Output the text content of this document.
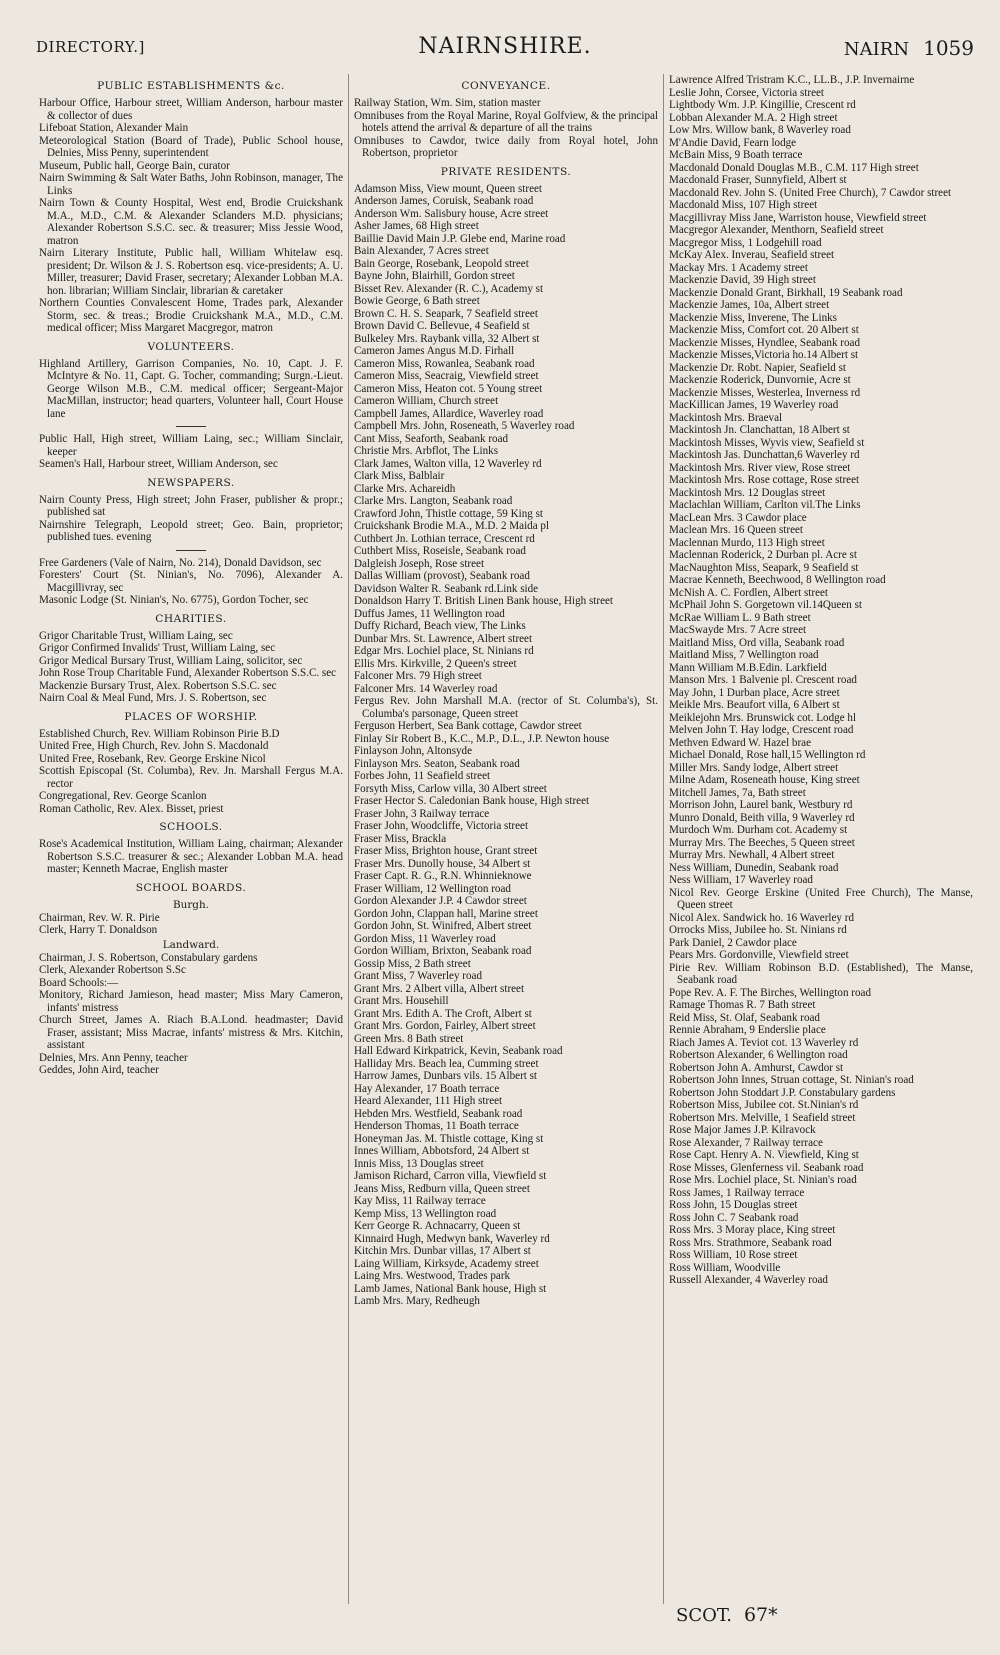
DIRECTORY.]	NAIRNSHIRE.	NAIRN 1059
PUBLIC ESTABLISHMENTS &c.
Harbour Office, Harbour street, William Anderson, harbour master & collector of dues
Lifeboat Station, Alexander Main
Meteorological Station (Board of Trade), Public School house, Delnies, Miss Penny, superintendent
Museum, Public hall, George Bain, curator
Nairn Swimming & Salt Water Baths, John Robinson, manager, The Links
Nairn Town & County Hospital, West end, Brodie Cruickshank M.A., M.D., C.M. & Alexander Sclanders M.D. physicians; Alexander Robertson S.S.C. sec. & treasurer; Miss Jessie Wood, matron
Nairn Literary Institute, Public hall, William Whitelaw esq. president; Dr. Wilson & J. S. Robertson esq. vice-presidents; A. U. Miller, treasurer; David Fraser, secretary; Alexander Lobban M.A. hon. librarian; William Sinclair, librarian & caretaker
Northern Counties Convalescent Home, Trades park, Alexander Storm, sec. & treas.; Brodie Cruickshank M.A., M.D., C.M. medical officer; Miss Margaret Macgregor, matron
VOLUNTEERS.
Highland Artillery, Garrison Companies, No. 10, Capt. J. F. McIntyre & No. 11, Capt. G. Tocher, commanding; Surgn.-Lieut. George Wilson M.B., C.M. medical officer; Sergeant-Major MacMillan, instructor; head quarters, Volunteer hall, Court House lane
Public Hall, High street, William Laing, sec.; William Sinclair, keeper
Seamen's Hall, Harbour street, William Anderson, sec
NEWSPAPERS.
Nairn County Press, High street; John Fraser, publisher & propr.; published sat
Nairnshire Telegraph, Leopold street; Geo. Bain, proprietor; published tues. evening
Free Gardeners (Vale of Nairn, No. 214), Donald Davidson, sec
Foresters' Court (St. Ninian's, No. 7096), Alexander A. Macgillivray, sec
Masonic Lodge (St. Ninian's, No. 6775), Gordon Tocher, sec
CHARITIES.
Grigor Charitable Trust, William Laing, sec
Grigor Confirmed Invalids' Trust, William Laing, sec
Grigor Medical Bursary Trust, William Laing, solicitor, sec
John Rose Troup Charitable Fund, Alexander Robertson S.S.C. sec
Mackenzie Bursary Trust, Alex. Robertson S.S.C. sec
Nairn Coal & Meal Fund, Mrs. J. S. Robertson, sec
PLACES OF WORSHIP.
Established Church, Rev. William Robinson Pirie B.D
United Free, High Church, Rev. John S. Macdonald
United Free, Rosebank, Rev. George Erskine Nicol
Scottish Episcopal (St. Columba), Rev. Jn. Marshall Fergus M.A. rector
Congregational, Rev. George Scanlon
Roman Catholic, Rev. Alex. Bisset, priest
SCHOOLS.
Rose's Academical Institution, William Laing, chairman; Alexander Robertson S.S.C. treasurer & sec.; Alexander Lobban M.A. head master; Kenneth Macrae, English master
SCHOOL BOARDS.
Burgh.
Chairman, Rev. W. R. Pirie
Clerk, Harry T. Donaldson
Landward.
Chairman, J. S. Robertson, Constabulary gardens
Clerk, Alexander Robertson S.Sc
Board Schools:—
Monitory, Richard Jamieson, head master; Miss Mary Cameron, infants' mistress
Church Street, James A. Riach B.A.Lond. headmaster; David Fraser, assistant; Miss Macrae, infants' mistress & Mrs. Kitchin, assistant
Delnies, Mrs. Ann Penny, teacher
Geddes, John Aird, teacher
CONVEYANCE.
Railway Station, Wm. Sim, station master
Omnibuses from the Royal Marine, Royal Golfview, & the principal hotels attend the arrival & departure of all the trains
Omnibuses to Cawdor, twice daily from Royal hotel, John Robertson, proprietor
PRIVATE RESIDENTS.
Adamson Miss, View mount, Queen street
Anderson James, Coruisk, Seabank road
Anderson Wm. Salisbury house, Acre street
Asher James, 68 High street
Baillie David Main J.P. Glebe end, Marine road
Bain Alexander, 7 Acres street
Bain George, Rosebank, Leopold street
Bayne John, Blairhill, Gordon street
Bisset Rev. Alexander (R. C.), Academy st
Bowie George, 6 Bath street
Brown C. H. S. Seapark, 7 Seafield street
Brown David C. Bellevue, 4 Seafield st
Bulkeley Mrs. Raybank villa, 32 Albert st
Cameron James Angus M.D. Firhall
Cameron Miss, Rowanlea, Seabank road
Cameron Miss, Seacraig, Viewfield street
Cameron Miss, Heaton cot. 5 Young street
Cameron William, Church street
Campbell James, Allardice, Waverley road
Campbell Mrs. John, Roseneath, 5 Waverley road
Cant Miss, Seaforth, Seabank road
Christie Mrs. Arbflot, The Links
Clark James, Walton villa, 12 Waverley rd
Clark Miss, Balblair
Clarke Mrs. Achareidh
Clarke Mrs. Langton, Seabank road
Crawford John, Thistle cottage, 59 King st
Cruickshank Brodie M.A., M.D. 2 Maida pl
Cuthbert Jn. Lothian terrace, Crescent rd
Cuthbert Miss, Roseisle, Seabank road
Dalgleish Joseph, Rose street
Dallas William (provost), Seabank road
Davidson Walter R. Seabank rd.Link side
Donaldson Harry T. British Linen Bank house, High street
Duffus James, 11 Wellington road
Duffy Richard, Beach view, The Links
Dunbar Mrs. St. Lawrence, Albert street
Edgar Mrs. Lochiel place, St. Ninians rd
Ellis Mrs. Kirkville, 2 Queen's street
Falconer Mrs. 79 High street
Falconer Mrs. 14 Waverley road
Fergus Rev. John Marshall M.A. (rector of St. Columba's), St. Columba's parsonage, Queen street
Ferguson Herbert, Sea Bank cottage, Cawdor street
Finlay Sir Robert B., K.C., M.P., D.L., J.P. Newton house
Finlayson John, Altonsyde
Finlayson Mrs. Seaton, Seabank road
Forbes John, 11 Seafield street
Forsyth Miss, Carlow villa, 30 Albert street
Fraser Hector S. Caledonian Bank house, High street
Fraser John, 3 Railway terrace
Fraser John, Woodcliffe, Victoria street
Fraser Miss, Brackla
Fraser Miss, Brighton house, Grant street
Fraser Mrs. Dunolly house, 34 Albert st
Fraser Capt. R. G., R.N. Whinnieknowe
Fraser William, 12 Wellington road
Gordon Alexander J.P. 4 Cawdor street
Gordon John, Clappan hall, Marine street
Gordon John, St. Winifred, Albert street
Gordon Miss, 11 Waverley road
Gordon William, Brixton, Seabank road
Gossip Miss, 2 Bath street
Grant Miss, 7 Waverley road
Grant Mrs. 2 Albert villa, Albert street
Grant Mrs. Househill
Grant Mrs. Edith A. The Croft, Albert st
Grant Mrs. Gordon, Fairley, Albert street
Green Mrs. 8 Bath street
Hall Edward Kirkpatrick, Kevin, Seabank road
Halliday Mrs. Beach lea, Cumming street
Harrow James, Dunbars vils. 15 Albert st
Hay Alexander, 17 Boath terrace
Heard Alexander, 111 High street
Hebden Mrs. Westfield, Seabank road
Henderson Thomas, 11 Boath terrace
Honeyman Jas. M. Thistle cottage, King st
Innes William, Abbotsford, 24 Albert st
Innis Miss, 13 Douglas street
Jamison Richard, Carron villa, Viewfield st
Jeans Miss, Redburn villa, Queen street
Kay Miss, 11 Railway terrace
Kemp Miss, 13 Wellington road
Kerr George R. Achnacarry, Queen st
Kinnaird Hugh, Medwyn bank, Waverley rd
Kitchin Mrs. Dunbar villas, 17 Albert st
Laing William, Kirksyde, Academy street
Laing Mrs. Westwood, Trades park
Lamb James, National Bank house, High st
Lamb Mrs. Mary, Redheugh
Lawrence Alfred Tristram K.C., LL.B., J.P. Invernairne
Leslie John, Corsee, Victoria street
Lightbody Wm. J.P. Kingillie, Crescent rd
Lobban Alexander M.A. 2 High street
Low Mrs. Willow bank, 8 Waverley road
M'Andie David, Fearn lodge
McBain Miss, 9 Boath terrace
Macdonald Donald Douglas M.B., C.M. 117 High street
Macdonald Fraser, Sunnyfield, Albert st
Macdonald Rev. John S. (United Free Church), 7 Cawdor street
Macdonald Miss, 107 High street
Macgillivray Miss Jane, Warriston house, Viewfield street
Macgregor Alexander, Menthorn, Seafield street
Macgregor Miss, 1 Lodgehill road
McKay Alex. Inverau, Seafield street
Mackay Mrs. 1 Academy street
Mackenzie David, 39 High street
Mackenzie Donald Grant, Birkhall, 19 Seabank road
Mackenzie James, 10a, Albert street
Mackenzie Miss, Inverene, The Links
Mackenzie Miss, Comfort cot. 20 Albert st
Mackenzie Misses, Hyndlee, Seabank road
Mackenzie Misses,Victoria ho.14 Albert st
Mackenzie Dr. Robt. Napier, Seafield st
Mackenzie Roderick, Dunvornie, Acre st
Mackenzie Misses, Westerlea, Inverness rd
MacKillican James, 19 Waverley road
Mackintosh Mrs. Braeval
Mackintosh Jn. Clanchattan, 18 Albert st
Mackintosh Misses, Wyvis view, Seafield st
Mackintosh Jas. Dunchattan,6 Waverley rd
Mackintosh Mrs. River view, Rose street
Mackintosh Mrs. Rose cottage, Rose street
Mackintosh Mrs. 12 Douglas street
Maclachlan William, Carlton vil.The Links
MacLean Mrs. 3 Cawdor place
Maclean Mrs. 16 Queen street
Maclennan Murdo, 113 High street
Maclennan Roderick, 2 Durban pl. Acre st
MacNaughton Miss, Seapark, 9 Seafield st
Macrae Kenneth, Beechwood, 8 Wellington road
McNish A. C. Fordlen, Albert street
McPhail John S. Gorgetown vil.14Queen st
McRae William L. 9 Bath street
MacSwayde Mrs. 7 Acre street
Maitland Miss, Ord villa, Seabank road
Maitland Miss, 7 Wellington road
Mann William M.B.Edin. Larkfield
Manson Mrs. 1 Balvenie pl. Crescent road
May John, 1 Durban place, Acre street
Meikle Mrs. Beaufort villa, 6 Albert st
Meiklejohn Mrs. Brunswick cot. Lodge hl
Melven John T. Hay lodge, Crescent road
Methven Edward W. Hazel brae
Michael Donald, Rose hall,15 Wellington rd
Miller Mrs. Sandy lodge, Albert street
Milne Adam, Roseneath house, King street
Mitchell James, 7a, Bath street
Morrison John, Laurel bank, Westbury rd
Munro Donald, Beith villa, 9 Waverley rd
Murdoch Wm. Durham cot. Academy st
Murray Mrs. The Beeches, 5 Queen street
Murray Mrs. Newhall, 4 Albert street
Ness William, Dunedin, Seabank road
Ness William, 17 Waverley road
Nicol Rev. George Erskine (United Free Church), The Manse, Queen street
Nicol Alex. Sandwick ho. 16 Waverley rd
Orrocks Miss, Jubilee ho. St. Ninians rd
Park Daniel, 2 Cawdor place
Pears Mrs. Gordonville, Viewfield street
Pirie Rev. William Robinson B.D. (Established), The Manse, Seabank road
Pope Rev. A. F. The Birches, Wellington road
Ramage Thomas R. 7 Bath street
Reid Miss, St. Olaf, Seabank road
Rennie Abraham, 9 Enderslie place
Riach James A. Teviot cot. 13 Waverley rd
Robertson Alexander, 6 Wellington road
Robertson John A. Amhurst, Cawdor st
Robertson John Innes, Struan cottage, St. Ninian's road
Robertson John Stoddart J.P. Constabulary gardens
Robertson Miss, Jubilee cot. St.Ninian's rd
Robertson Mrs. Melville, 1 Seafield street
Rose Major James J.P. Kilravock
Rose Alexander, 7 Railway terrace
Rose Capt. Henry A. N. Viewfield, King st
Rose Misses, Glenferness vil. Seabank road
Rose Mrs. Lochiel place, St. Ninian's road
Ross James, 1 Railway terrace
Ross John, 15 Douglas street
Ross John C. 7 Seabank road
Ross Mrs. 3 Moray place, King street
Ross Mrs. Strathmore, Seabank road
Ross William, 10 Rose street
Ross William, Woodville
Russell Alexander, 4 Waverley road
SCOT. 67*
